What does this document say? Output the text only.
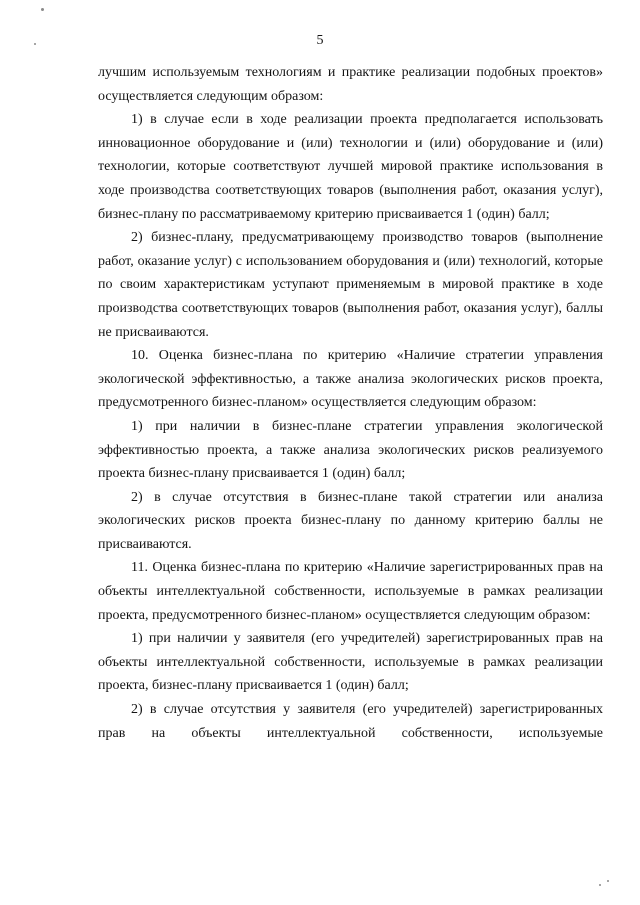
5

лучшим используемым технологиям и практике реализации подобных проектов» осуществляется следующим образом:

1) в случае если в ходе реализации проекта предполагается использовать инновационное оборудование и (или) технологии и (или) оборудование и (или) технологии, которые соответствуют лучшей мировой практике использования в ходе производства соответствующих товаров (выполнения работ, оказания услуг), бизнес-плану по рассматриваемому критерию присваивается 1 (один) балл;

2) бизнес-плану, предусматривающему производство товаров (выполнение работ, оказание услуг) с использованием оборудования и (или) технологий, которые по своим характеристикам уступают применяемым в мировой практике в ходе производства соответствующих товаров (выполнения работ, оказания услуг), баллы не присваиваются.

10. Оценка бизнес-плана по критерию «Наличие стратегии управления экологической эффективностью, а также анализа экологических рисков проекта, предусмотренного бизнес-планом» осуществляется следующим образом:

1) при наличии в бизнес-плане стратегии управления экологической эффективностью проекта, а также анализа экологических рисков реализуемого проекта бизнес-плану присваивается 1 (один) балл;

2) в случае отсутствия в бизнес-плане такой стратегии или анализа экологических рисков проекта бизнес-плану по данному критерию баллы не присваиваются.

11. Оценка бизнес-плана по критерию «Наличие зарегистрированных прав на объекты интеллектуальной собственности, используемые в рамках реализации проекта, предусмотренного бизнес-планом» осуществляется следующим образом:

1) при наличии у заявителя (его учредителей) зарегистрированных прав на объекты интеллектуальной собственности, используемые в рамках реализации проекта, бизнес-плану присваивается 1 (один) балл;

2) в случае отсутствия у заявителя (его учредителей) зарегистрированных прав на объекты интеллектуальной собственности, используемые
